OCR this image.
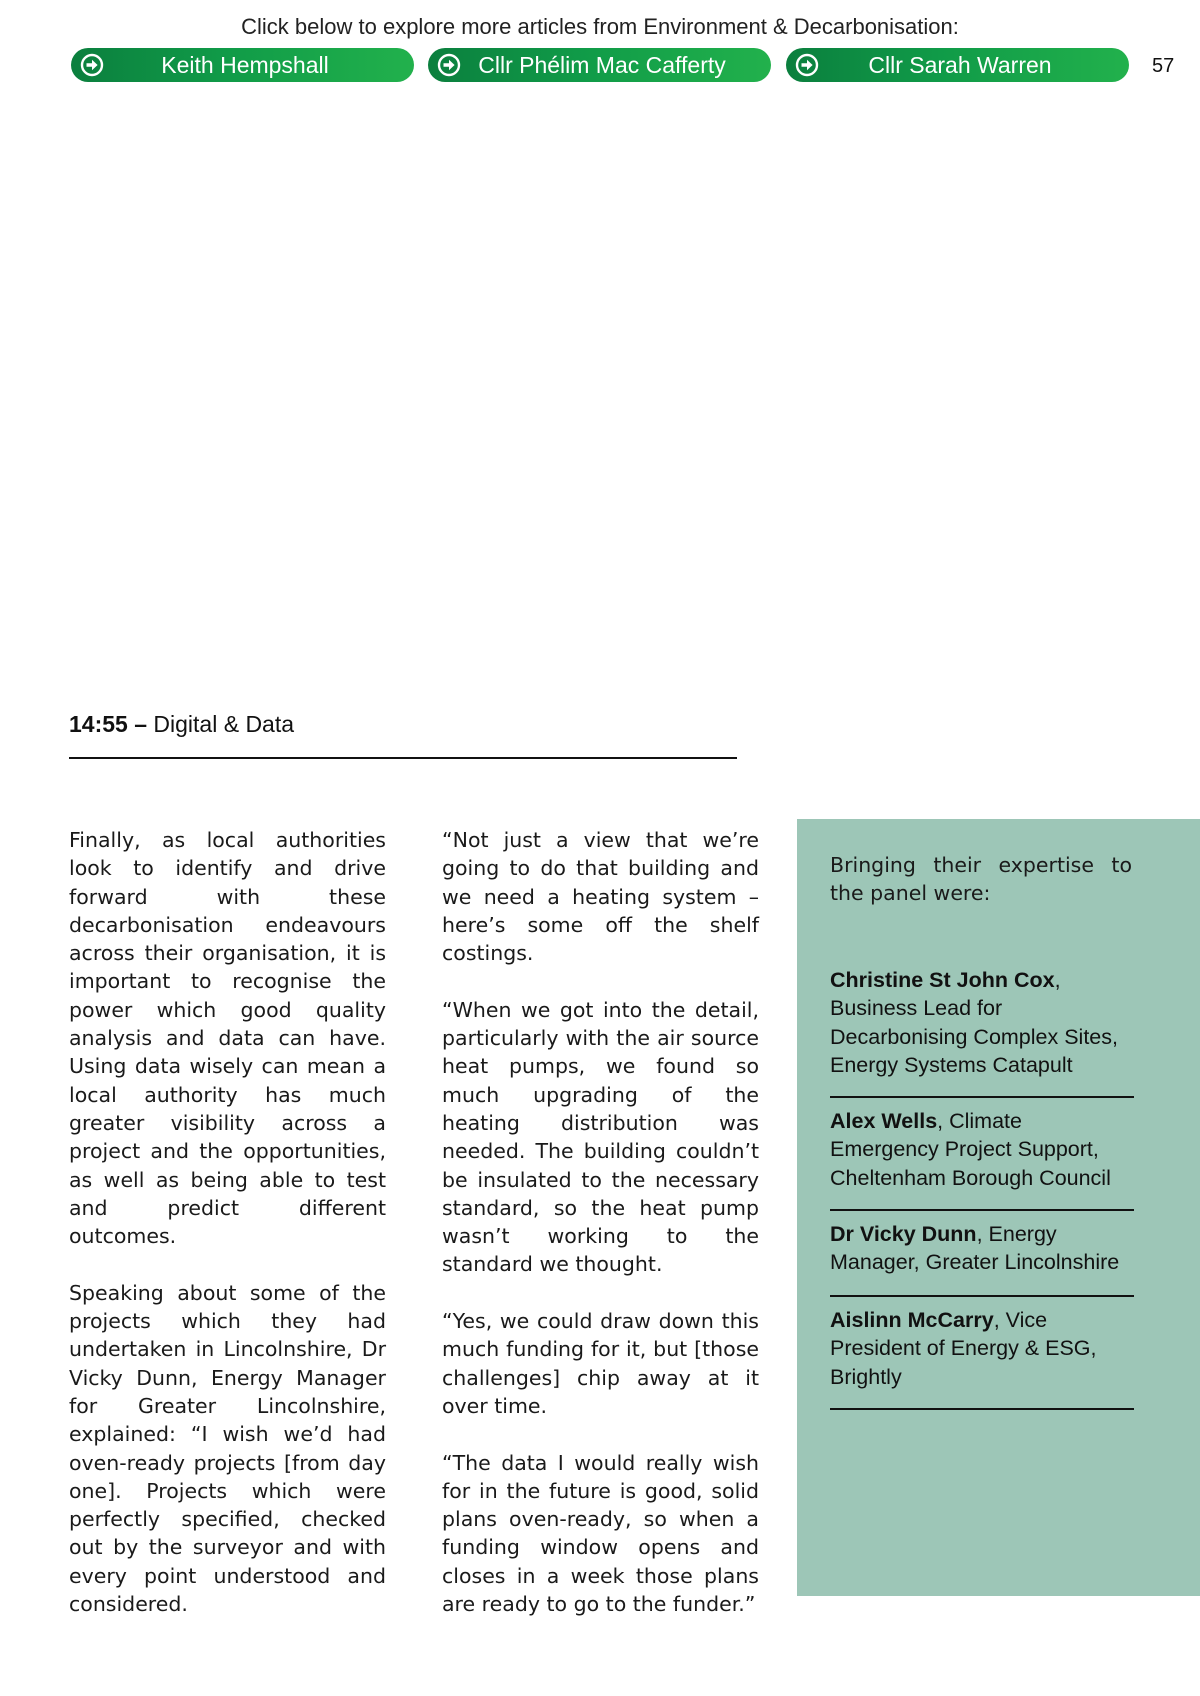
Click below to explore more articles from Environment & Decarbonisation:
Keith Hempshall	Cllr Phélim Mac Cafferty	Cllr Sarah Warren	57
14:55 – Digital & Data

Finally, as local authorities look to identify and drive forward with these decarbonisation endeavours across their organisation, it is important to recognise the power which good quality analysis and data can have. Using data wisely can mean a local authority has much greater visibility across a project and the opportunities, as well as being able to test and predict different outcomes.

Speaking about some of the projects which they had undertaken in Lincolnshire, Dr Vicky Dunn, Energy Manager for Greater Lincolnshire, explained: “I wish we’d had oven-ready projects [from day one]. Projects which were perfectly specified, checked out by the surveyor and with every point understood and considered.

“Not just a view that we’re going to do that building and we need a heating system – here’s some off the shelf costings.

“When we got into the detail, particularly with the air source heat pumps, we found so much upgrading of the heating distribution was needed. The building couldn’t be insulated to the necessary standard, so the heat pump wasn’t working to the standard we thought.

“Yes, we could draw down this much funding for it, but [those challenges] chip away at it over time.

“The data I would really wish for in the future is good, solid plans oven-ready, so when a funding window opens and closes in a week those plans are ready to go to the funder.”

Bringing their expertise to the panel were:

Christine St John Cox, Business Lead for Decarbonising Complex Sites, Energy Systems Catapult

Alex Wells, Climate Emergency Project Support, Cheltenham Borough Council

Dr Vicky Dunn, Energy Manager, Greater Lincolnshire

Aislinn McCarry, Vice President of Energy & ESG, Brightly
